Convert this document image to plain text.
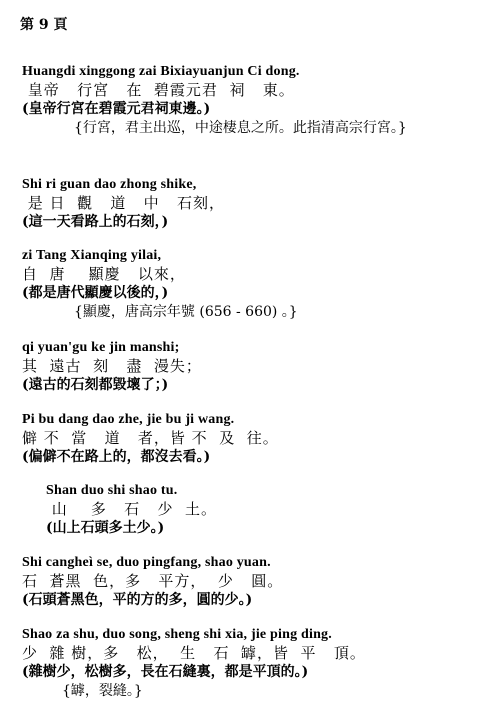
第 9 頁
Huangdi xinggong zai Bixiayuanjun Ci dong.
皇帝   行宮   在  碧霞元君  祠   東。
(皇帝行宮在碧霞元君祠東邊。)
{行宮，君主出巡，中途棲息之所。此指清高宗行宮。}
Shi ri guan dao zhong shike,
是 日  觀   道   中   石刻，
(這一天看路上的石刻，)
zi Tang Xianqing yilai,
自  唐    顯慶   以來，
(都是唐代顯慶以後的，)
{顯慶，唐高宗年號 (656 - 660) 。}
qi yuan'gu ke jin manshi;
其  遠古  刻   盡  漫失；
(遠古的石刻都毀壞了；)
Pi bu dang dao zhe, jie bu ji wang.
僻 不  當   道   者，皆 不  及  往。
(偏僻不在路上的，都沒去看。)
Shan duo shi shao tu.
山    多   石   少  土。
(山上石頭多土少。)
Shi cangheì se, duo pingfang, shao yuan.
石  蒼黑  色，多   平方，  少   圓。
(石頭蒼黑色，平的方的多，圓的少。)
Shao za shu, duo song, sheng shi xia, jie ping ding.
少  雜 樹，多   松，  生   石  罅，皆  平   頂。
(雜樹少，松樹多，長在石縫裏，都是平頂的。)
{罅，裂縫。}
